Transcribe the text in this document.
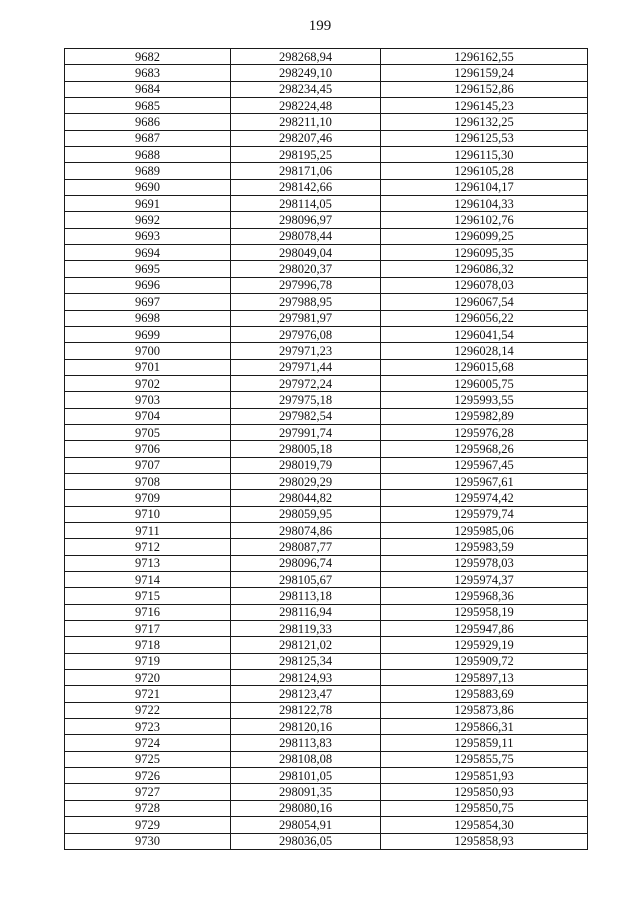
199
9682	298268,94	1296162,55
9683	298249,10	1296159,24
9684	298234,45	1296152,86
9685	298224,48	1296145,23
9686	298211,10	1296132,25
9687	298207,46	1296125,53
9688	298195,25	1296115,30
9689	298171,06	1296105,28
9690	298142,66	1296104,17
9691	298114,05	1296104,33
9692	298096,97	1296102,76
9693	298078,44	1296099,25
9694	298049,04	1296095,35
9695	298020,37	1296086,32
9696	297996,78	1296078,03
9697	297988,95	1296067,54
9698	297981,97	1296056,22
9699	297976,08	1296041,54
9700	297971,23	1296028,14
9701	297971,44	1296015,68
9702	297972,24	1296005,75
9703	297975,18	1295993,55
9704	297982,54	1295982,89
9705	297991,74	1295976,28
9706	298005,18	1295968,26
9707	298019,79	1295967,45
9708	298029,29	1295967,61
9709	298044,82	1295974,42
9710	298059,95	1295979,74
9711	298074,86	1295985,06
9712	298087,77	1295983,59
9713	298096,74	1295978,03
9714	298105,67	1295974,37
9715	298113,18	1295968,36
9716	298116,94	1295958,19
9717	298119,33	1295947,86
9718	298121,02	1295929,19
9719	298125,34	1295909,72
9720	298124,93	1295897,13
9721	298123,47	1295883,69
9722	298122,78	1295873,86
9723	298120,16	1295866,31
9724	298113,83	1295859,11
9725	298108,08	1295855,75
9726	298101,05	1295851,93
9727	298091,35	1295850,93
9728	298080,16	1295850,75
9729	298054,91	1295854,30
9730	298036,05	1295858,93
